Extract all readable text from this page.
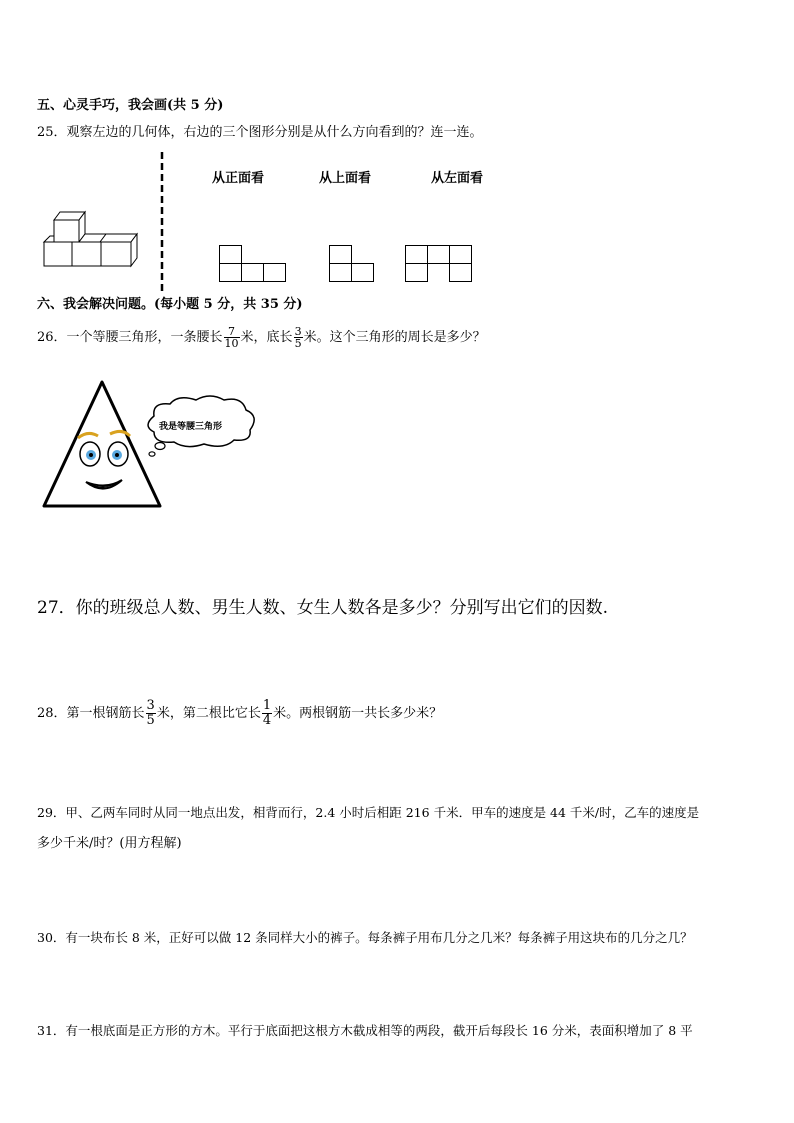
五、心灵手巧，我会画(共 5 分)
25．观察左边的几何体，右边的三个图形分别是从什么方向看到的？连一连。
从正面看	从上面看	从左面看
六、我会解决问题。(每小题 5 分，共 35 分)
26．一个等腰三角形，一条腰长 $\frac{7}{10}$ 米，底长 $\frac{3}{5}$ 米。这个三角形的周长是多少？
我是等腰三角形
27．你的班级总人数、男生人数、女生人数各是多少？分别写出它们的因数.
28．第一根钢筋长 $\frac{3}{5}$ 米，第二根比它长 $\frac{1}{4}$ 米。两根钢筋一共长多少米？
29．甲、乙两车同时从同一地点出发，相背而行，2.4 小时后相距 216 千米．甲车的速度是 44 千米/时，乙车的速度是
多少千米/时？(用方程解)
30．有一块布长 8 米，正好可以做 12 条同样大小的裤子。每条裤子用布几分之几米？每条裤子用这块布的几分之几？
31．有一根底面是正方形的方木。平行于底面把这根方木截成相等的两段，截开后每段长 16 分米，表面积增加了 8 平
